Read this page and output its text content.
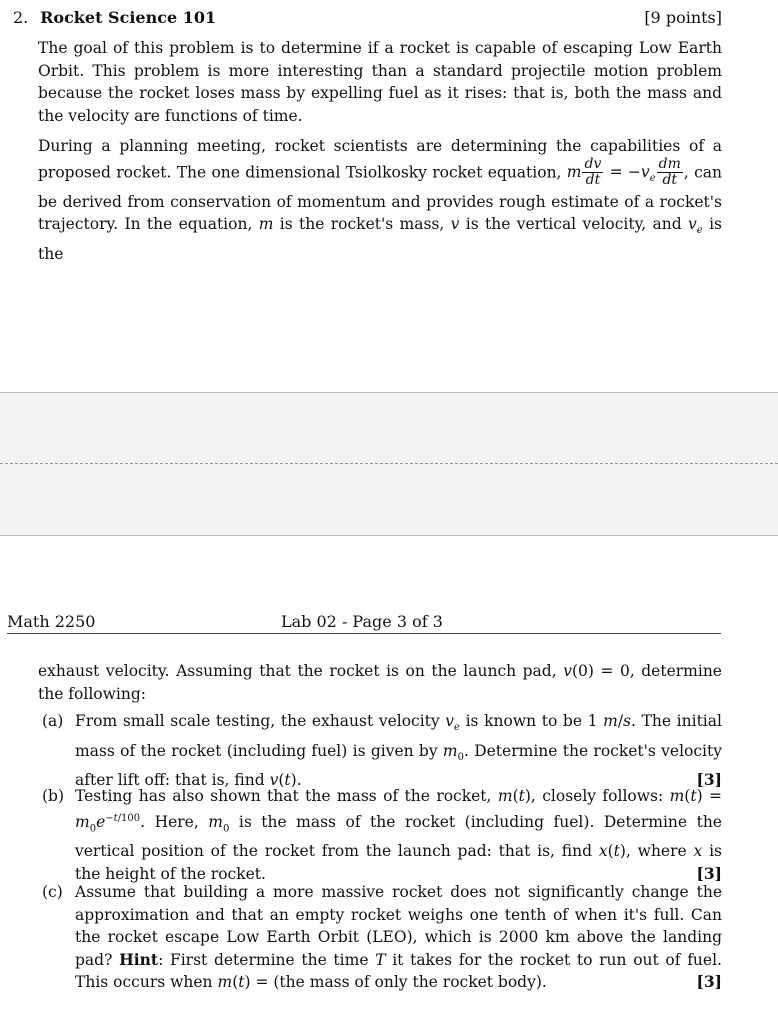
2. Rocket Science 101	[9 points]

The goal of this problem is to determine if a rocket is capable of escaping Low Earth Orbit. This problem is more interesting than a standard projectile motion problem because the rocket loses mass by expelling fuel as it rises: that is, both the mass and the velocity are functions of time.

During a planning meeting, rocket scientists are determining the capabilities of a proposed rocket. The one dimensional Tsiolkosky rocket equation, m $\frac{dv}{dt} = -v_e \frac{dm}{dt}$ , can be derived from conservation of momentum and provides rough estimate of a rocket's trajectory. In the equation, m is the rocket's mass, v is the vertical velocity, and $v_e$ is the

Math 2250	Lab 02 - Page 3 of 3

exhaust velocity. Assuming that the rocket is on the launch pad, v(0) = 0, determine the following:

(a) From small scale testing, the exhaust velocity $v_e$ is known to be 1 m/s. The initial mass of the rocket (including fuel) is given by $m_0$. Determine the rocket's velocity after lift off: that is, find v(t).	[3]
(b) Testing has also shown that the mass of the rocket, m(t), closely follows: $m(t) = m_0e^{-t/100}$. Here, $m_0$ is the mass of the rocket (including fuel). Determine the vertical position of the rocket from the launch pad: that is, find x(t), where x is the height of the rocket.	[3]
(c) Assume that building a more massive rocket does not significantly change the approximation and that an empty rocket weighs one tenth of when it's full. Can the rocket escape Low Earth Orbit (LEO), which is 2000 km above the landing pad? Hint: First determine the time T it takes for the rocket to run out of fuel. This occurs when m(t) = (the mass of only the rocket body).	[3]
